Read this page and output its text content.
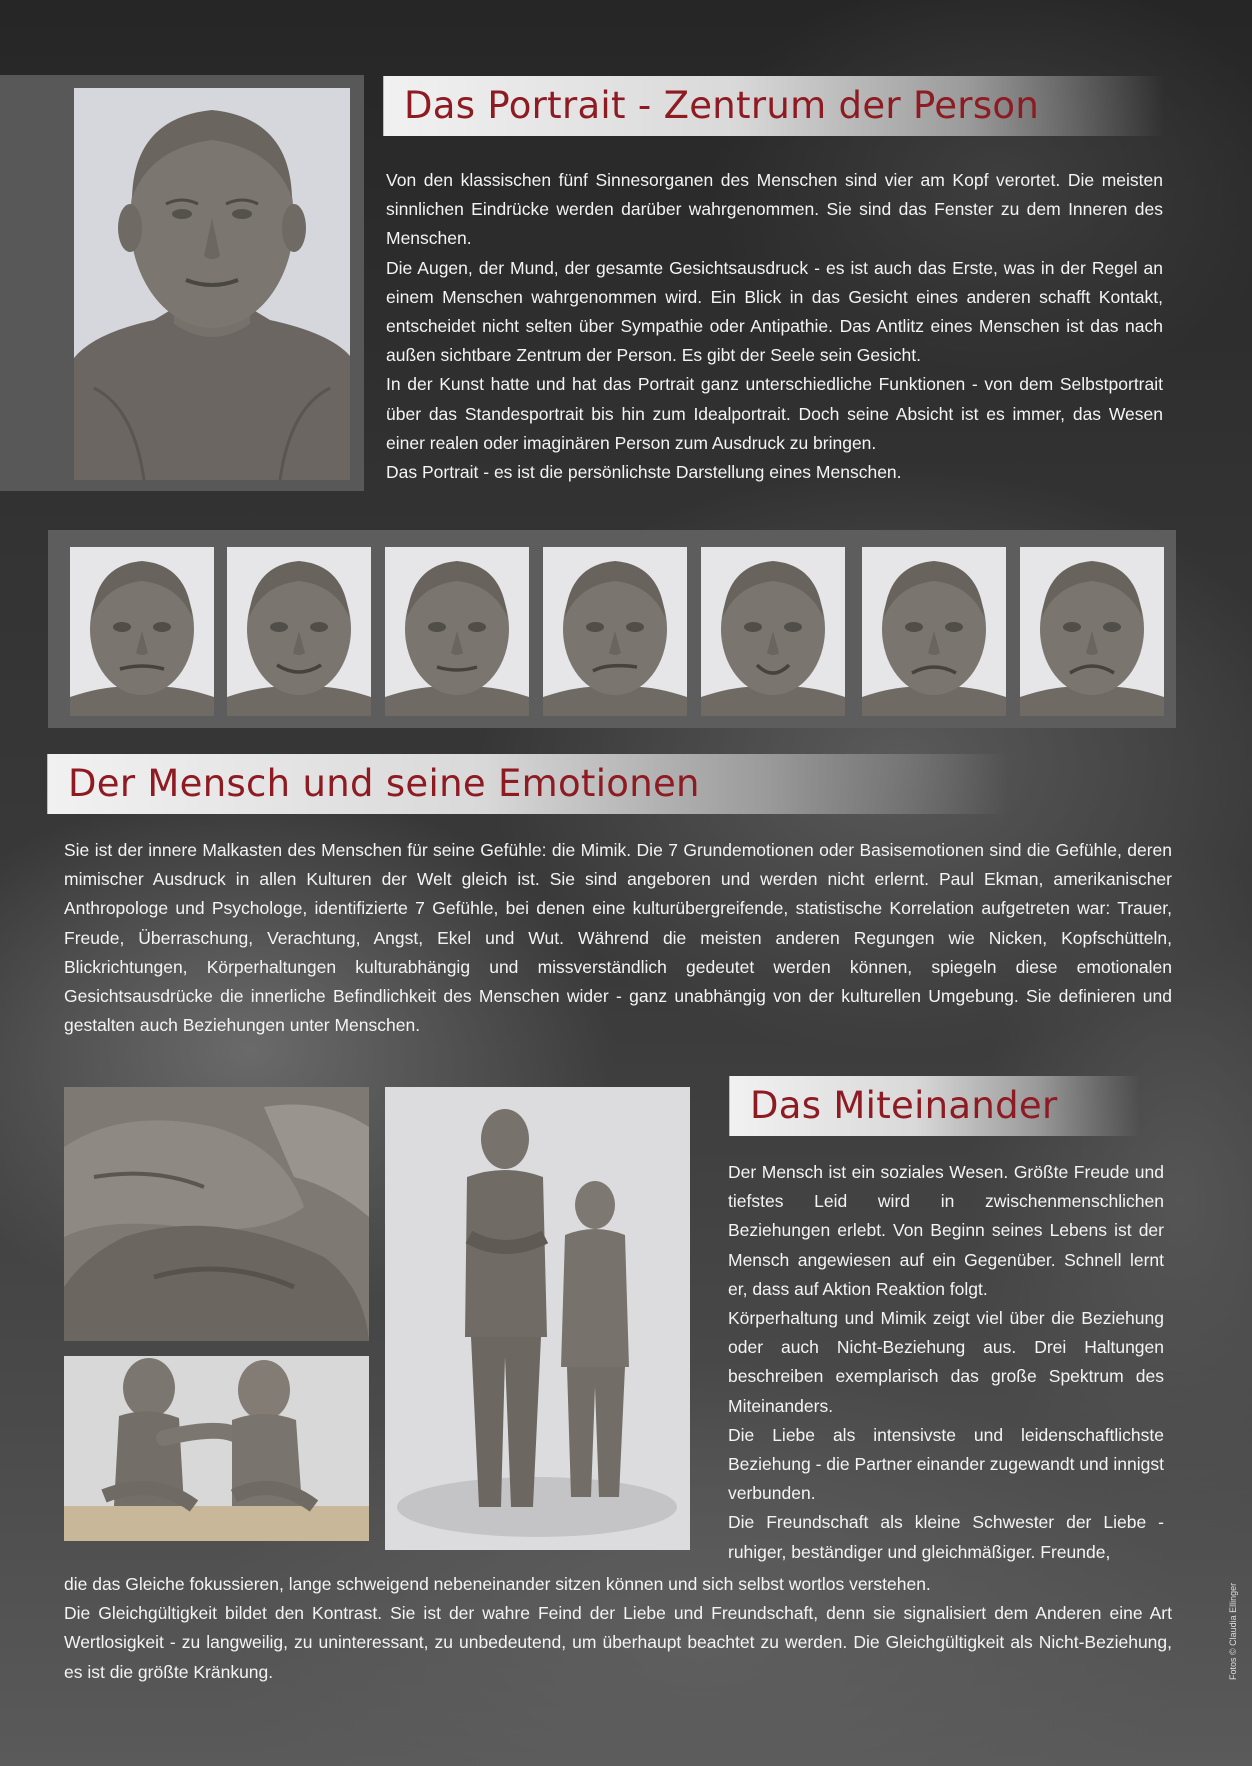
Das Portrait - Zentrum der Person

Von den klassischen fünf Sinnesorganen des Menschen sind vier am Kopf verortet. Die meisten sinnlichen Eindrücke werden darüber wahrgenommen. Sie sind das Fenster zu dem Inneren des Menschen.

Die Augen, der Mund, der gesamte Gesichtsausdruck - es ist auch das Erste, was in der Regel an einem Menschen wahrgenommen wird. Ein Blick in das Gesicht eines anderen schafft Kontakt, entscheidet nicht selten über Sympathie oder Antipathie. Das Antlitz eines Menschen ist das nach außen sichtbare Zentrum der Person. Es gibt der Seele sein Gesicht.

In der Kunst hatte und hat das Portrait ganz unterschiedliche Funktionen - von dem Selbstportrait über das Standesportrait bis hin zum Idealportrait. Doch seine Absicht ist es immer, das Wesen einer realen oder imaginären Person zum Ausdruck zu bringen.

Das Portrait - es ist die persönlichste Darstellung eines Menschen.

Der Mensch und seine Emotionen

Sie ist der innere Malkasten des Menschen für seine Gefühle: die Mimik. Die 7 Grundemotionen oder Basisemotionen sind die Gefühle, deren mimischer Ausdruck in allen Kulturen der Welt gleich ist. Sie sind angeboren und werden nicht erlernt. Paul Ekman, amerikanischer Anthropologe und Psychologe, identifizierte 7 Gefühle, bei denen eine kulturübergreifende, statistische Korrelation aufgetreten war: Trauer, Freude, Überraschung, Verachtung, Angst, Ekel und Wut. Während die meisten anderen Regungen wie Nicken, Kopfschütteln, Blickrichtungen, Körperhaltungen kulturabhängig und missverständlich gedeutet werden können, spiegeln diese emotionalen Gesichtsausdrücke die innerliche Befindlichkeit des Menschen wider - ganz unabhängig von der kulturellen Umgebung. Sie definieren und gestalten auch Beziehungen unter Menschen.

Das Miteinander

Der Mensch ist ein soziales Wesen. Größte Freude und tiefstes Leid wird in zwischenmenschlichen Beziehungen erlebt. Von Beginn seines Lebens ist der Mensch angewiesen auf ein Gegenüber. Schnell lernt er, dass auf Aktion Reaktion folgt.

Körperhaltung und Mimik zeigt viel über die Beziehung oder auch Nicht-Beziehung aus. Drei Haltungen beschreiben exemplarisch das große Spektrum des Miteinanders.

Die Liebe als intensivste und leidenschaftlichste Beziehung - die Partner einander zugewandt und innigst verbunden.

Die Freundschaft als kleine Schwester der Liebe - ruhiger, beständiger und gleichmäßiger. Freunde,

die das Gleiche fokussieren, lange schweigend nebeneinander sitzen können und sich selbst wortlos verstehen.

Die Gleichgültigkeit bildet den Kontrast. Sie ist der wahre Feind der Liebe und Freundschaft, denn sie signalisiert dem Anderen eine Art Wertlosigkeit - zu langweilig, zu uninteressant, zu unbedeutend, um überhaupt beachtet zu werden. Die Gleichgültigkeit als Nicht-Beziehung, es ist die größte Kränkung.	Fotos © Claudia Ellinger
